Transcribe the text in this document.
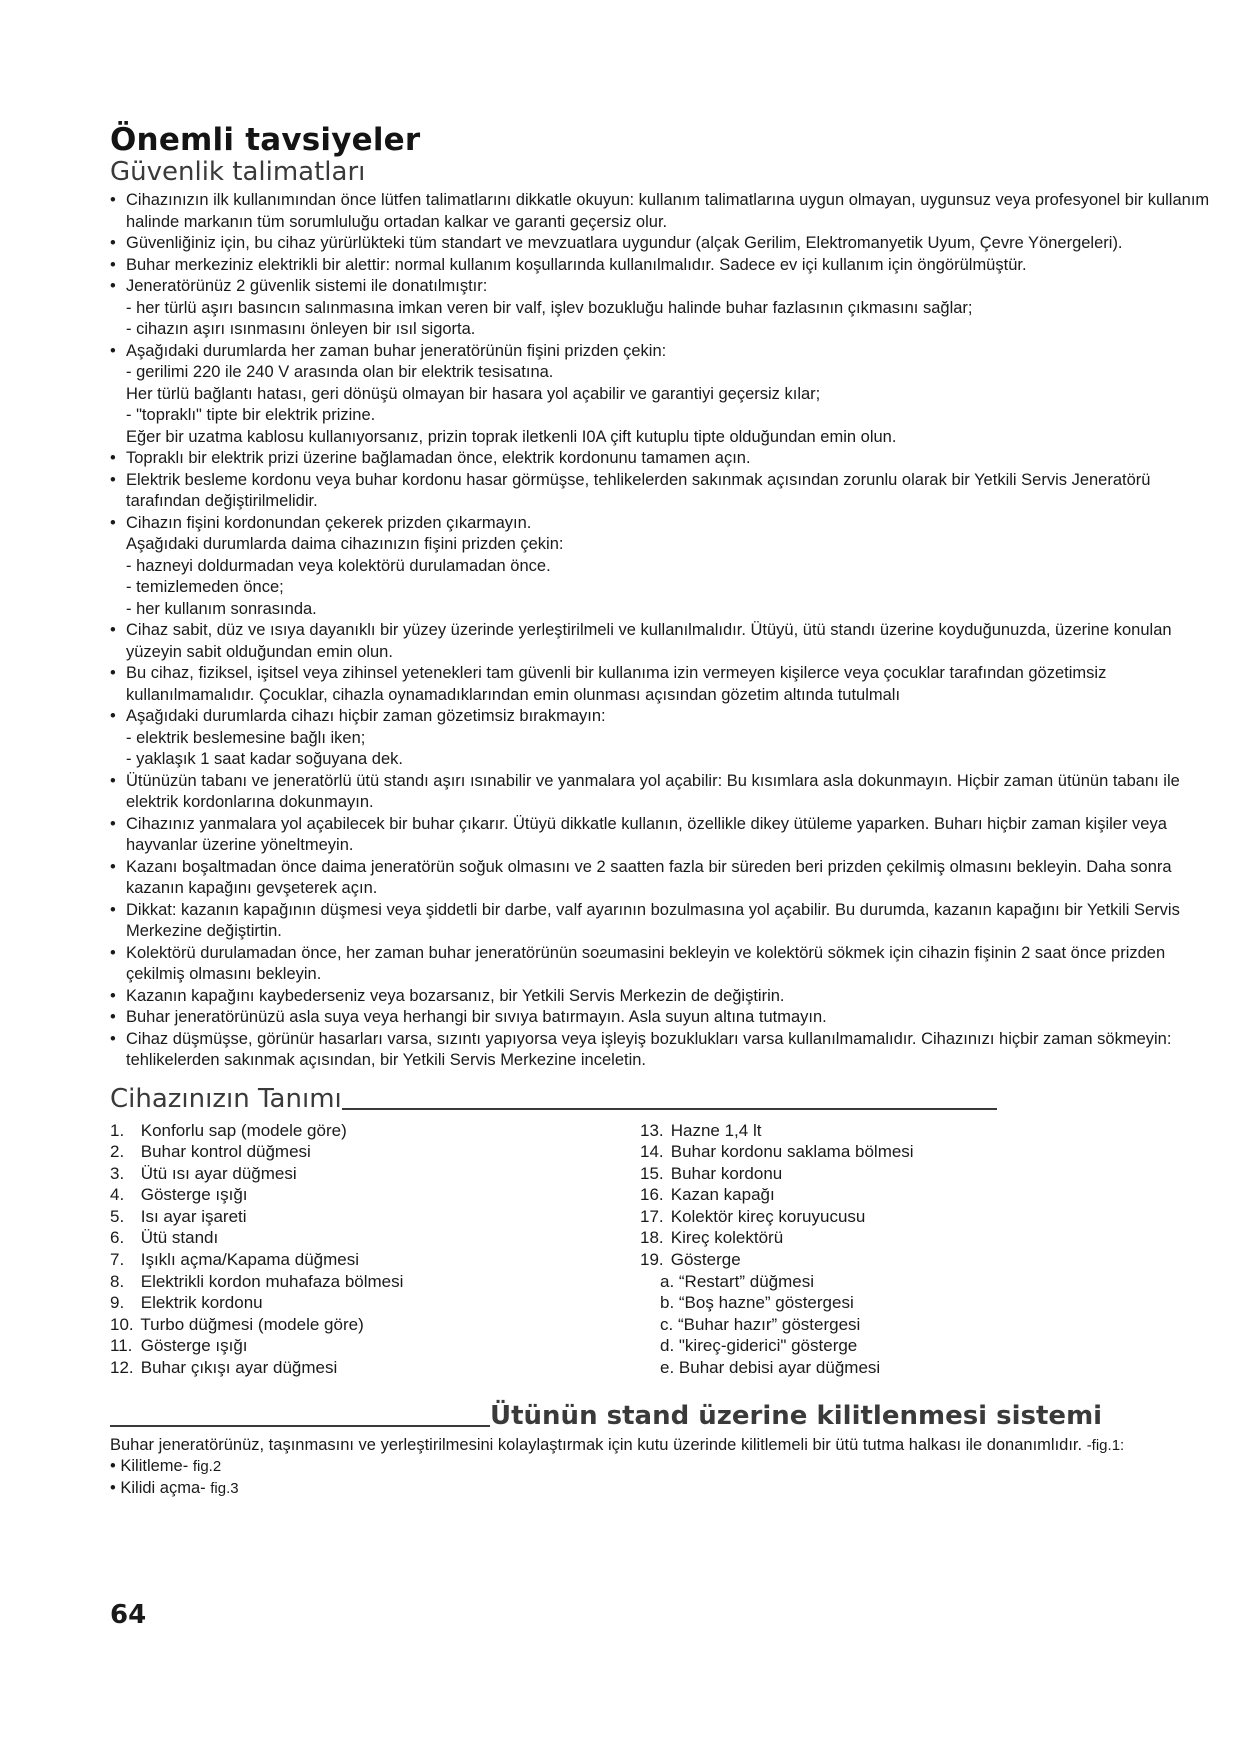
Önemli tavsiyeler
Güvenlik talimatları
• Cihazınızın ilk kullanımından önce lütfen talimatlarını dikkatle okuyun: kullanım talimatlarına uygun olmayan, uygunsuz veya profesyonel bir kullanım halinde markanın tüm sorumluluğu ortadan kalkar ve garanti geçersiz olur.
• Güvenliğiniz için, bu cihaz yürürlükteki tüm standart ve mevzuatlara uygundur (alçak Gerilim, Elektromanyetik Uyum, Çevre Yönergeleri).
• Buhar merkeziniz elektrikli bir alettir: normal kullanım koşullarında kullanılmalıdır. Sadece ev içi kullanım için öngörülmüştür.
• Jeneratörünüz 2 güvenlik sistemi ile donatılmıştır:
- her türlü aşırı basıncın salınmasına imkan veren bir valf, işlev bozukluğu halinde buhar fazlasının çıkmasını sağlar;
- cihazın aşırı ısınmasını önleyen bir ısıl sigorta.
• Aşağıdaki durumlarda her zaman buhar jeneratörünün fişini prizden çekin:
- gerilimi 220 ile 240 V arasında olan bir elektrik tesisatına.
Her türlü bağlantı hatası, geri dönüşü olmayan bir hasara yol açabilir ve garantiyi geçersiz kılar;
- "topraklı" tipte bir elektrik prizine.
Eğer bir uzatma kablosu kullanıyorsanız, prizin toprak iletkenli I0A çift kutuplu tipte olduğundan emin olun.
• Topraklı bir elektrik prizi üzerine bağlamadan önce, elektrik kordonunu tamamen açın.
• Elektrik besleme kordonu veya buhar kordonu hasar görmüşse, tehlikelerden sakınmak açısından zorunlu olarak bir Yetkili Servis Jeneratörü tarafından değiştirilmelidir.
• Cihazın fişini kordonundan çekerek prizden çıkarmayın.
Aşağıdaki durumlarda daima cihazınızın fişini prizden çekin:
- hazneyi doldurmadan veya kolektörü durulamadan önce.
- temizlemeden önce;
- her kullanım sonrasında.
• Cihaz sabit, düz ve ısıya dayanıklı bir yüzey üzerinde yerleştirilmeli ve kullanılmalıdır. Ütüyü, ütü standı üzerine koyduğunuzda, üzerine konulan yüzeyin sabit olduğundan emin olun.
• Bu cihaz, fiziksel, işitsel veya zihinsel yetenekleri tam güvenli bir kullanıma izin vermeyen kişilerce veya çocuklar tarafından gözetimsiz kullanılmamalıdır. Çocuklar, cihazla oynamadıklarından emin olunması açısından gözetim altında tutulmalı
• Aşağıdaki durumlarda cihazı hiçbir zaman gözetimsiz bırakmayın:
- elektrik beslemesine bağlı iken;
- yaklaşık 1 saat kadar soğuyana dek.
• Ütünüzün tabanı ve jeneratörlü ütü standı aşırı ısınabilir ve yanmalara yol açabilir: Bu kısımlara asla dokunmayın. Hiçbir zaman ütünün tabanı ile elektrik kordonlarına dokunmayın.
• Cihazınız yanmalara yol açabilecek bir buhar çıkarır. Ütüyü dikkatle kullanın, özellikle dikey ütüleme yaparken. Buharı hiçbir zaman kişiler veya hayvanlar üzerine yöneltmeyin.
• Kazanı boşaltmadan önce daima jeneratörün soğuk olmasını ve 2 saatten fazla bir süreden beri prizden çekilmiş olmasını bekleyin. Daha sonra kazanın kapağını gevşeterek açın.
• Dikkat: kazanın kapağının düşmesi veya şiddetli bir darbe, valf ayarının bozulmasına yol açabilir. Bu durumda, kazanın kapağını bir Yetkili Servis Merkezine değiştirtin.
• Kolektörü durulamadan önce, her zaman buhar jeneratörünün soƨumasini bekleyin ve kolektörü sökmek için cihazin fişinin 2 saat önce prizden çekilmiş olmasını bekleyin.
• Kazanın kapağını kaybederseniz veya bozarsanız, bir Yetkili Servis Merkezin de değiştirin.
• Buhar jeneratörünüzü asla suya veya herhangi bir sıvıya batırmayın. Asla suyun altına tutmayın.
• Cihaz düşmüşse, görünür hasarları varsa, sızıntı yapıyorsa veya işleyiş bozuklukları varsa kullanılmamalıdır. Cihazınızı hiçbir zaman sökmeyin: tehlikelerden sakınmak açısından, bir Yetkili Servis Merkezine inceletin.
Cihazınızın Tanımı
1. Konforlu sap (modele göre)
2. Buhar kontrol düğmesi
3. Ütü ısı ayar düğmesi
4. Gösterge ışığı
5. Isı ayar işareti
6. Ütü standı
7. Işıklı açma/Kapama düğmesi
8. Elektrikli kordon muhafaza bölmesi
9. Elektrik kordonu
10. Turbo düğmesi (modele göre)
11. Gösterge ışığı
12. Buhar çıkışı ayar düğmesi
13. Hazne 1,4 lt
14. Buhar kordonu saklama bölmesi
15. Buhar kordonu
16. Kazan kapağı
17. Kolektör kireç koruyucusu
18. Kireç kolektörü
19. Gösterge
a. “Restart” düğmesi
b. “Boş hazne” göstergesi
c. “Buhar hazır” göstergesi
d. "kireç-giderici" gösterge
e. Buhar debisi ayar düğmesi
Ütünün stand üzerine kilitlenmesi sistemi

Buhar jeneratörünüz, taşınmasını ve yerleştirilmesini kolaylaştırmak için kutu üzerinde kilitlemeli bir ütü tutma halkası ile donanımlıdır. -fig.1:

• Kilitleme- fig.2
• Kilidi açma- fig.3
64
